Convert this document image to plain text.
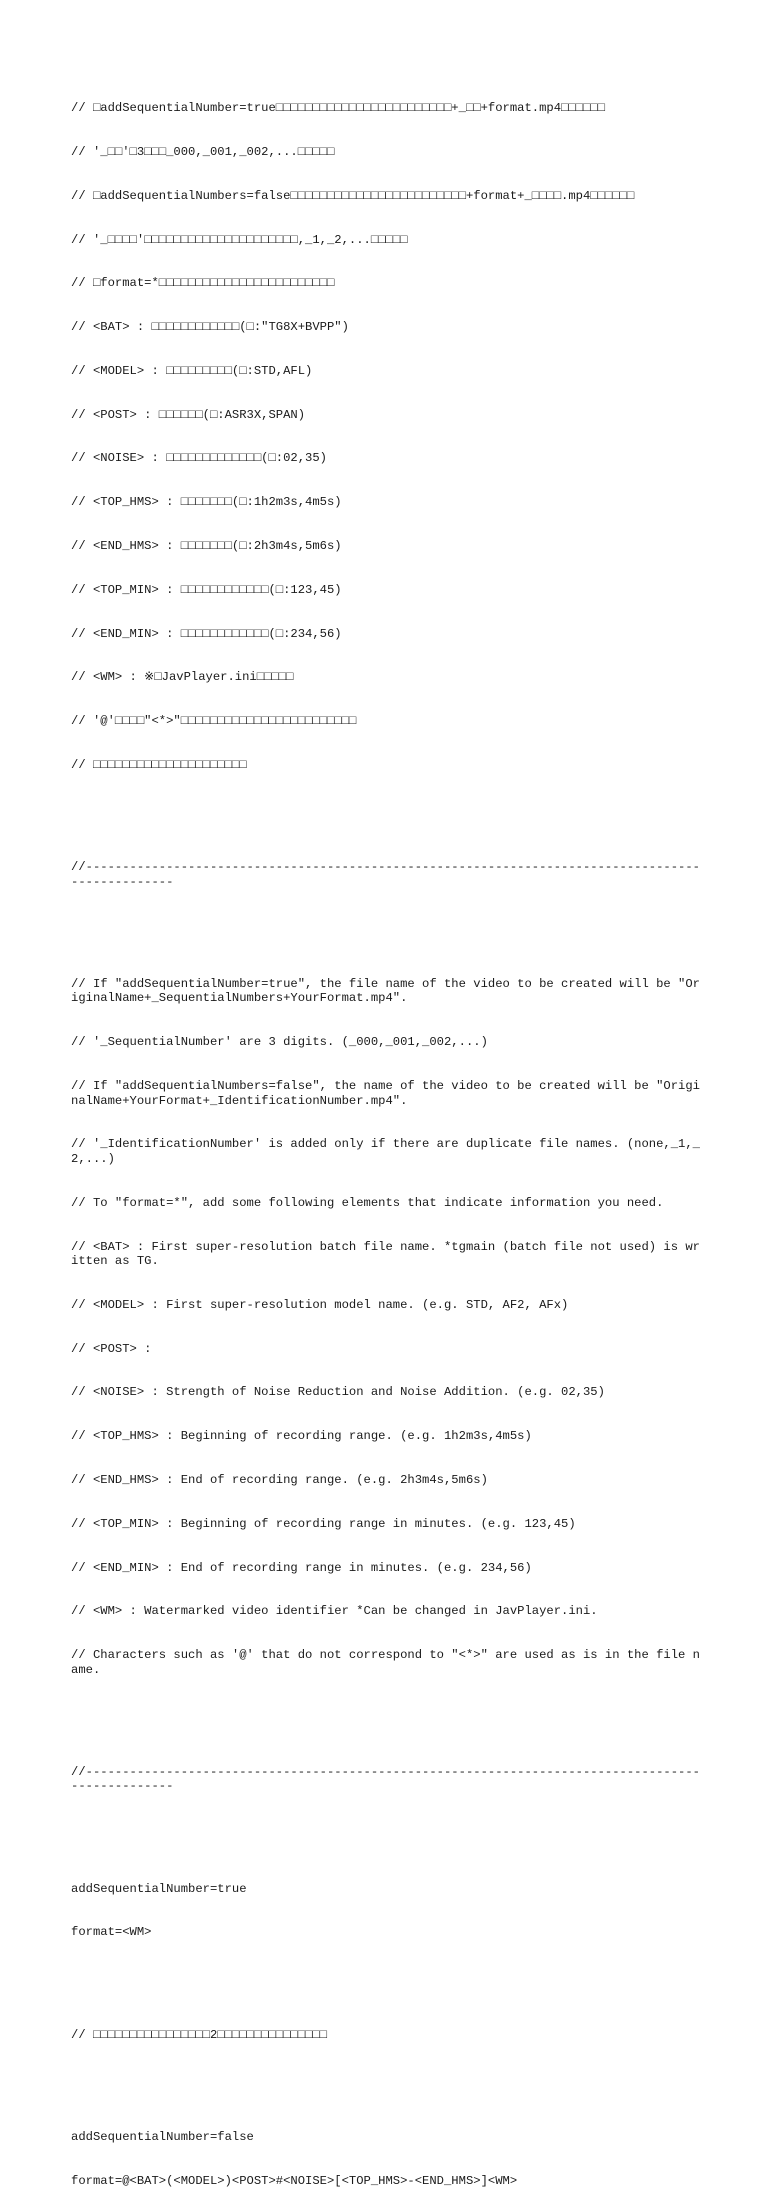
// □addSequentialNumber=true□□□□□□□□□□□□□□□□□□□□□□□□+_□□+format.mp4□□□□□□

// '_□□'□3□□□_000,_001,_002,...□□□□□

// □addSequentialNumbers=false□□□□□□□□□□□□□□□□□□□□□□□□+format+_□□□□.mp4□□□□□□

// '_□□□□'□□□□□□□□□□□□□□□□□□□□□,_1,_2,...□□□□□

// □format=*□□□□□□□□□□□□□□□□□□□□□□□□

// <BAT> : □□□□□□□□□□□□(□:"TG8X+BVPP")

// <MODEL> : □□□□□□□□□(□:STD,AFL)

// <POST> : □□□□□□(□:ASR3X,SPAN)

// <NOISE> : □□□□□□□□□□□□□(□:02,35)

// <TOP_HMS> : □□□□□□□(□:1h2m3s,4m5s)

// <END_HMS> : □□□□□□□(□:2h3m4s,5m6s)

// <TOP_MIN> : □□□□□□□□□□□□(□:123,45)

// <END_MIN> : □□□□□□□□□□□□(□:234,56)

// <WM> : ※□JavPlayer.ini□□□□□

// '@'□□□□"<*>"□□□□□□□□□□□□□□□□□□□□□□□□

// □□□□□□□□□□□□□□□□□□□□□

//--------------------------------------------------------------------------------------------------

// If "addSequentialNumber=true", the file name of the video to be created will be "OriginalName+_SequentialNumbers+YourFormat.mp4".

// '_SequentialNumber' are 3 digits. (_000,_001,_002,...)

// If "addSequentialNumbers=false", the name of the video to be created will be "OriginalName+YourFormat+_IdentificationNumber.mp4".

// '_IdentificationNumber' is added only if there are duplicate file names. (none,_1,_2,...)

// To "format=*", add some following elements that indicate information you need.

// <BAT> : First super-resolution batch file name. *tgmain (batch file not used) is written as TG.

// <MODEL> : First super-resolution model name. (e.g. STD, AF2, AFx)

// <POST> :

// <NOISE> : Strength of Noise Reduction and Noise Addition. (e.g. 02,35)

// <TOP_HMS> : Beginning of recording range. (e.g. 1h2m3s,4m5s)

// <END_HMS> : End of recording range. (e.g. 2h3m4s,5m6s)

// <TOP_MIN> : Beginning of recording range in minutes. (e.g. 123,45)

// <END_MIN> : End of recording range in minutes. (e.g. 234,56)

// <WM> : Watermarked video identifier *Can be changed in JavPlayer.ini.

// Characters such as '@' that do not correspond to "<*>" are used as is in the file name.

//--------------------------------------------------------------------------------------------------

addSequentialNumber=true

format=<WM>

// □□□□□□□□□□□□□□□□2□□□□□□□□□□□□□□□

addSequentialNumber=false

format=@<BAT>(<MODEL>)<POST>#<NOISE>[<TOP_HMS>-<END_HMS>]<WM>
